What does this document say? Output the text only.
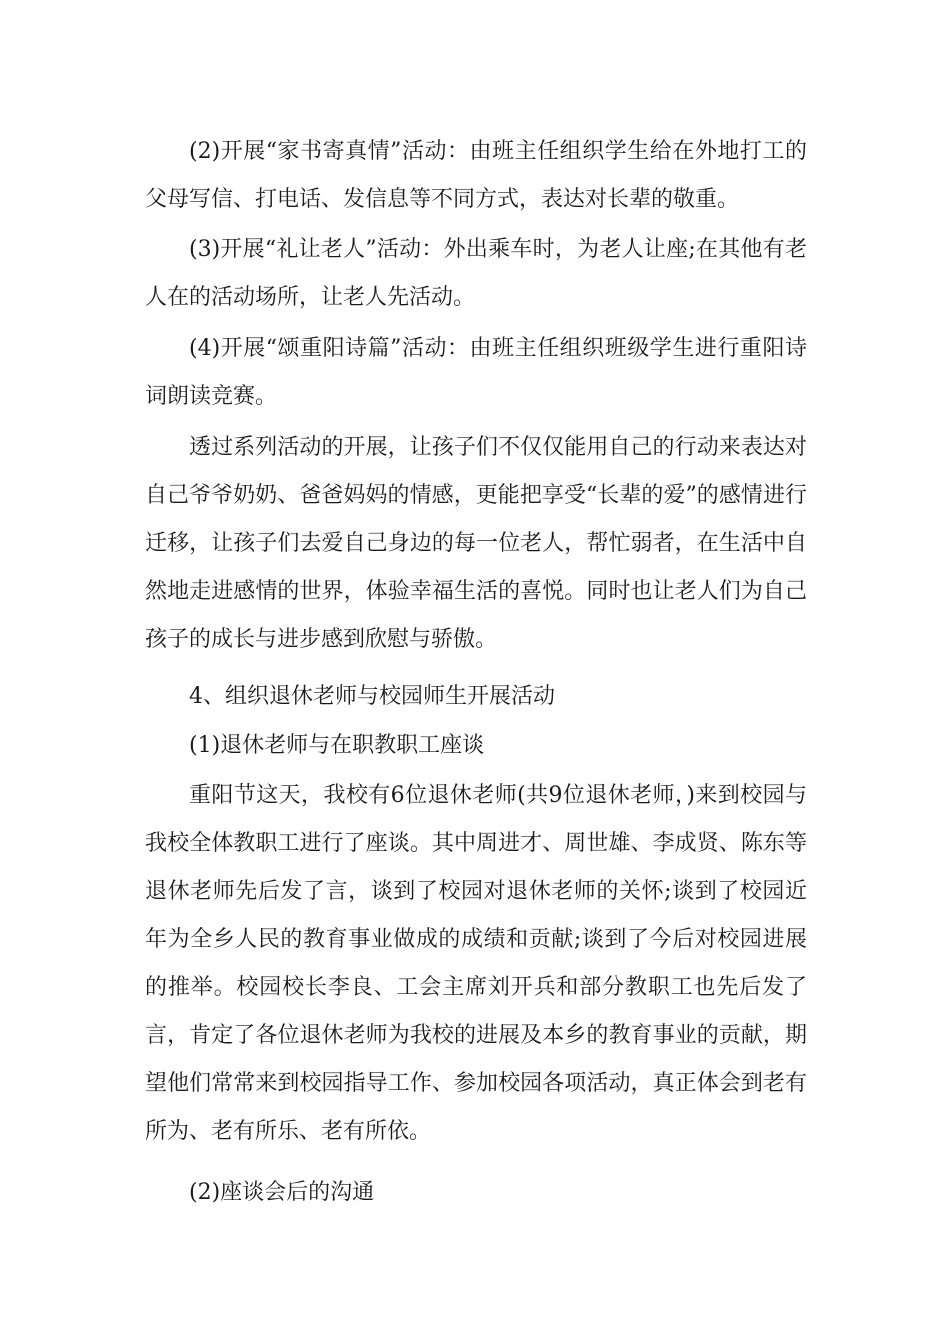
(2)开展“家书寄真情”活动：由班主任组织学生给在外地打工的父母写信、打电话、发信息等不同方式，表达对长辈的敬重。

(3)开展“礼让老人”活动：外出乘车时，为老人让座;在其他有老人在的活动场所，让老人先活动。

(4)开展“颂重阳诗篇”活动：由班主任组织班级学生进行重阳诗词朗读竞赛。

透过系列活动的开展，让孩子们不仅仅能用自己的行动来表达对自己爷爷奶奶、爸爸妈妈的情感，更能把享受“长辈的爱”的感情进行迁移，让孩子们去爱自己身边的每一位老人，帮忙弱者，在生活中自然地走进感情的世界，体验幸福生活的喜悦。同时也让老人们为自己孩子的成长与进步感到欣慰与骄傲。

4、组织退休老师与校园师生开展活动

(1)退休老师与在职教职工座谈

重阳节这天，我校有6位退休老师(共9位退休老师，)来到校园与我校全体教职工进行了座谈。其中周进才、周世雄、李成贤、陈东等退休老师先后发了言，谈到了校园对退休老师的关怀;谈到了校园近年为全乡人民的教育事业做成的成绩和贡献;谈到了今后对校园进展的推举。校园校长李良、工会主席刘开兵和部分教职工也先后发了言，肯定了各位退休老师为我校的进展及本乡的教育事业的贡献，期望他们常常来到校园指导工作、参加校园各项活动，真正体会到老有所为、老有所乐、老有所依。

(2)座谈会后的沟通
